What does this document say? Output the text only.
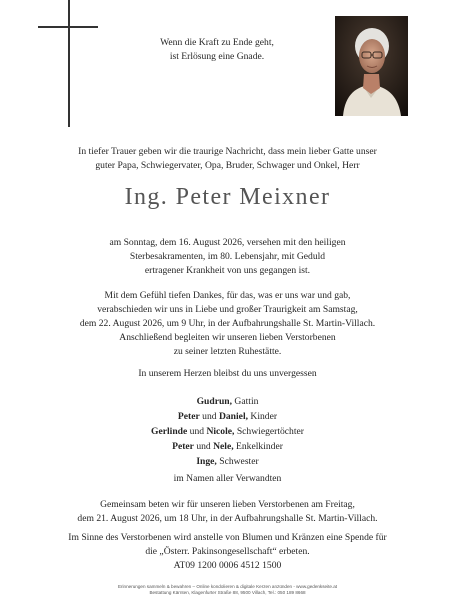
Wenn die Kraft zu Ende geht,
ist Erlösung eine Gnade.
In tiefer Trauer geben wir die traurige Nachricht, dass mein lieber Gatte unser
guter Papa, Schwiegervater, Opa, Bruder, Schwager und Onkel, Herr
Ing. Peter Meixner
am Sonntag, dem 16. August 2026, versehen mit den heiligen
Sterbesakramenten, im 80. Lebensjahr, mit Geduld
ertragener Krankheit von uns gegangen ist.
Mit dem Gefühl tiefen Dankes, für das, was er uns war und gab,
verabschieden wir uns in Liebe und großer Traurigkeit am Samstag,
dem 22. August 2026, um 9 Uhr, in der Aufbahrungshalle St. Martin-Villach.
Anschließend begleiten wir unseren lieben Verstorbenen
zu seiner letzten Ruhestätte.
In unserem Herzen bleibst du uns unvergessen
Gudrun, Gattin
Peter und Daniel, Kinder
Gerlinde und Nicole, Schwiegertöchter
Peter und Nele, Enkelkinder
Inge, Schwester
im Namen aller Verwandten
Gemeinsam beten wir für unseren lieben Verstorbenen am Freitag,
dem 21. August 2026, um 18 Uhr, in der Aufbahrungshalle St. Martin-Villach.
Im Sinne des Verstorbenen wird anstelle von Blumen und Kränzen eine Spende für
die „Österr. Pakinsongesellschaft“ erbeten.
AT09 1200 0006 4512 1500
Erinnerungen sammeln & bewahren – Online kondolieren & digitale Kerzen anzünden - www.gedenkseite.at
Bestattung Kärnten, Klagenfurter Straße 88, 9500 Villach, Tel.: 050 189 8668
